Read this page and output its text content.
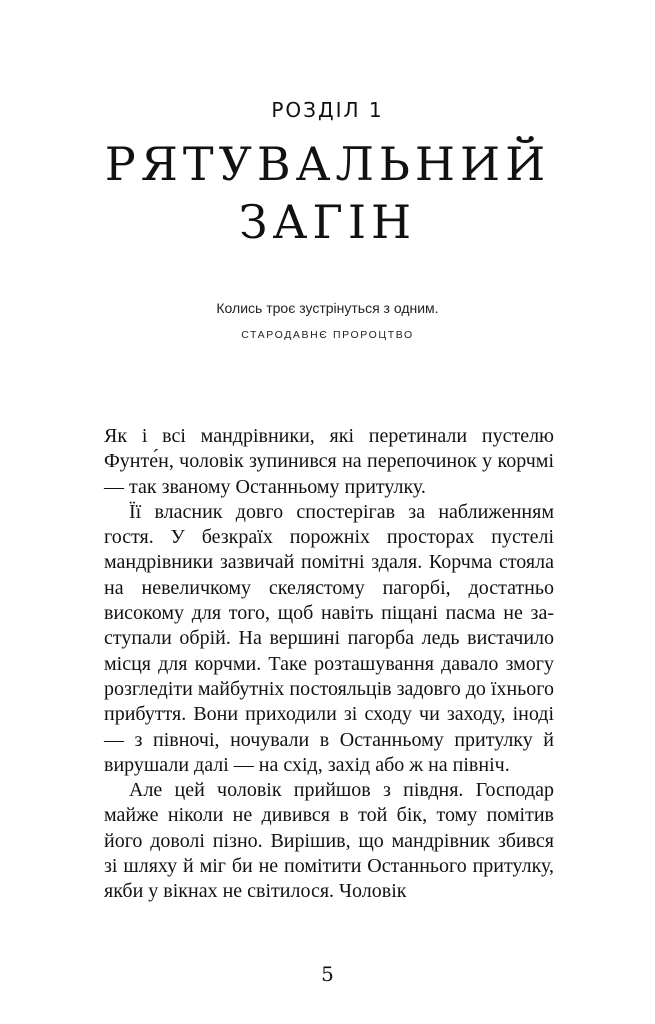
РОЗДІЛ 1
РЯТУВАЛЬНИЙ
ЗАГІН
Колись троє зустрінуться з одним.
СТАРОДАВНЄ ПРОРОЦТВО

Як і всі мандрівники, які перетинали пустелю Фунте́н, чоловік зупинився на перепочинок у корчмі — так званому Останньому притулку.

Її власник довго спостерігав за наближенням гостя. У безкраїх порожніх просторах пустелі мандрівники зазвичай помітні здаля. Корчма стояла на невеличкому скелястому пагорбі, достатньо високому для того, щоб навіть піщані пасма не заступали обрій. На вершині пагорба ледь вистачило місця для корчми. Таке розташування давало змогу розгледіти майбутніх постояльців задовго до їхнього прибуття. Вони приходили зі сходу чи заходу, іноді — з півночі, ночували в Останньому притулку й вирушали далі — на схід, захід або ж на північ.

Але цей чоловік прийшов з півдня. Господар майже ніколи не дивився в той бік, тому помітив його доволі пізно. Вирішив, що мандрівник збився зі шляху й міг би не помітити Останнього притулку, якби у вікнах не світилося. Чоловік

5
